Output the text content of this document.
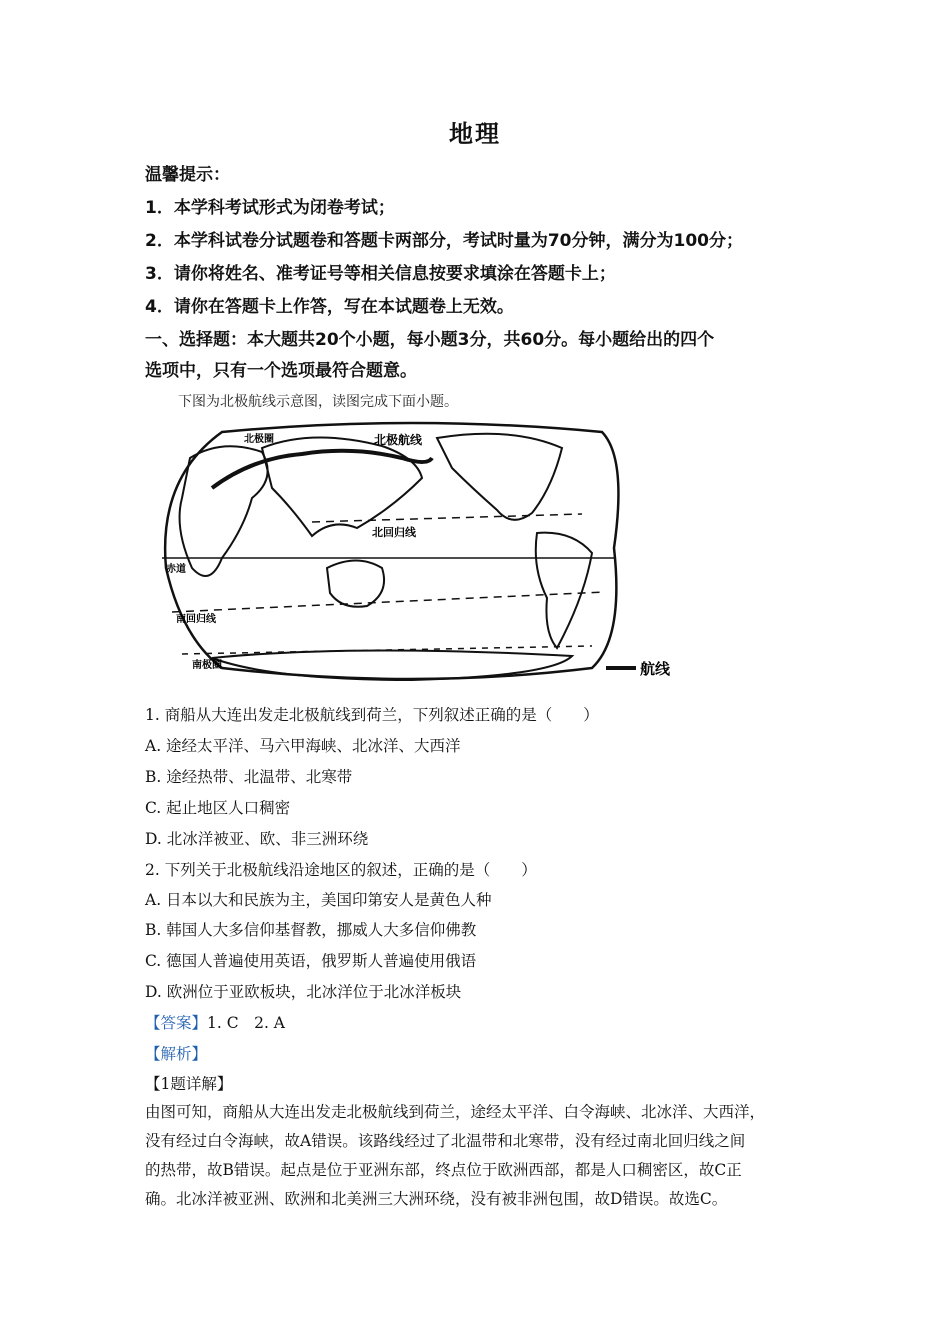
地理
温馨提示：
1．本学科考试形式为闭卷考试；
2．本学科试卷分试题卷和答题卡两部分，考试时量为70分钟，满分为100分；
3．请你将姓名、准考证号等相关信息按要求填涂在答题卡上；
4．请你在答题卡上作答，写在本试题卷上无效。
一、选择题：本大题共20个小题，每小题3分，共60分。每小题给出的四个
选项中，只有一个选项最符合题意。
下图为北极航线示意图，读图完成下面小题。
北极圈	北极航线
北回归线
赤道
南回归线
南极圈	航线
1. 商船从大连出发走北极航线到荷兰，下列叙述正确的是（　　）
A. 途经太平洋、马六甲海峡、北冰洋、大西洋
B. 途经热带、北温带、北寒带
C. 起止地区人口稠密
D. 北冰洋被亚、欧、非三洲环绕
2. 下列关于北极航线沿途地区的叙述，正确的是（　　）
A. 日本以大和民族为主，美国印第安人是黄色人种
B. 韩国人大多信仰基督教，挪威人大多信仰佛教
C. 德国人普遍使用英语，俄罗斯人普遍使用俄语
D. 欧洲位于亚欧板块，北冰洋位于北冰洋板块
【答案】1. C　2. A
【解析】
【1题详解】
由图可知，商船从大连出发走北极航线到荷兰，途经太平洋、白令海峡、北冰洋、大西洋，
没有经过白令海峡，故A错误。该路线经过了北温带和北寒带，没有经过南北回归线之间
的热带，故B错误。起点是位于亚洲东部，终点位于欧洲西部，都是人口稠密区，故C正
确。北冰洋被亚洲、欧洲和北美洲三大洲环绕，没有被非洲包围，故D错误。故选C。
